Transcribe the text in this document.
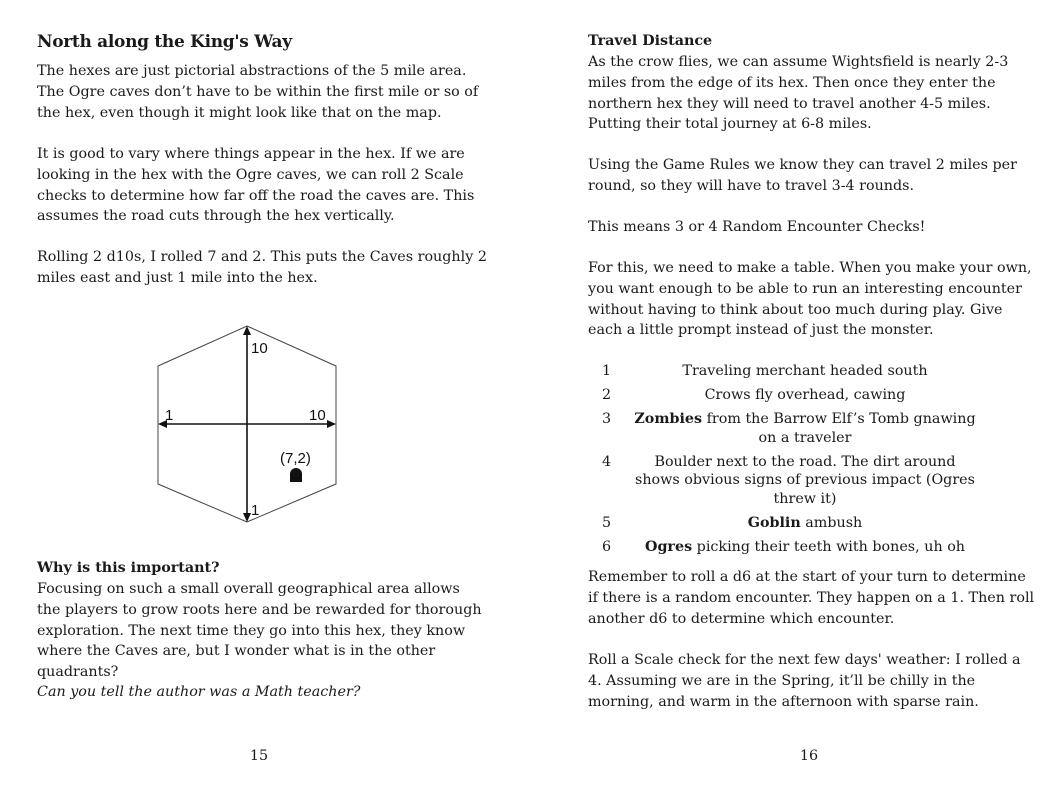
North along the King's Way

The hexes are just pictorial abstractions of the 5 mile area. The Ogre caves don’t have to be within the first mile or so of the hex, even though it might look like that on the map.

It is good to vary where things appear in the hex. If we are looking in the hex with the Ogre caves, we can roll 2 Scale checks to determine how far off the road the caves are. This assumes the road cuts through the hex vertically.

Rolling 2 d10s, I rolled 7 and 2. This puts the Caves roughly 2 miles east and just 1 mile into the hex.

10
1	10
1
(7,2)

Why is this important?

Focusing on such a small overall geographical area allows the players to grow roots here and be rewarded for thorough exploration. The next time they go into this hex, they know where the Caves are, but I wonder what is in the other quadrants?

Can you tell the author was a Math teacher?

15

Travel Distance

As the crow flies, we can assume Wightsfield is nearly 2-3 miles from the edge of its hex. Then once they enter the northern hex they will need to travel another 4-5 miles. Putting their total journey at 6-8 miles.

Using the Game Rules we know they can travel 2 miles per round, so they will have to travel 3-4 rounds.

This means 3 or 4 Random Encounter Checks!

For this, we need to make a table. When you make your own, you want enough to be able to run an interesting encounter without having to think about too much during play. Give each a little prompt instead of just the monster.

1	Traveling merchant headed south
2	Crows fly overhead, cawing
3	Zombies from the Barrow Elf’s Tomb gnawing on a traveler
4	Boulder next to the road. The dirt around shows obvious signs of previous impact (Ogres threw it)
5	Goblin ambush
6	Ogres picking their teeth with bones, uh oh

Remember to roll a d6 at the start of your turn to determine if there is a random encounter. They happen on a 1. Then roll another d6 to determine which encounter.

Roll a Scale check for the next few days' weather: I rolled a 4. Assuming we are in the Spring, it’ll be chilly in the morning, and warm in the afternoon with sparse rain.

16
